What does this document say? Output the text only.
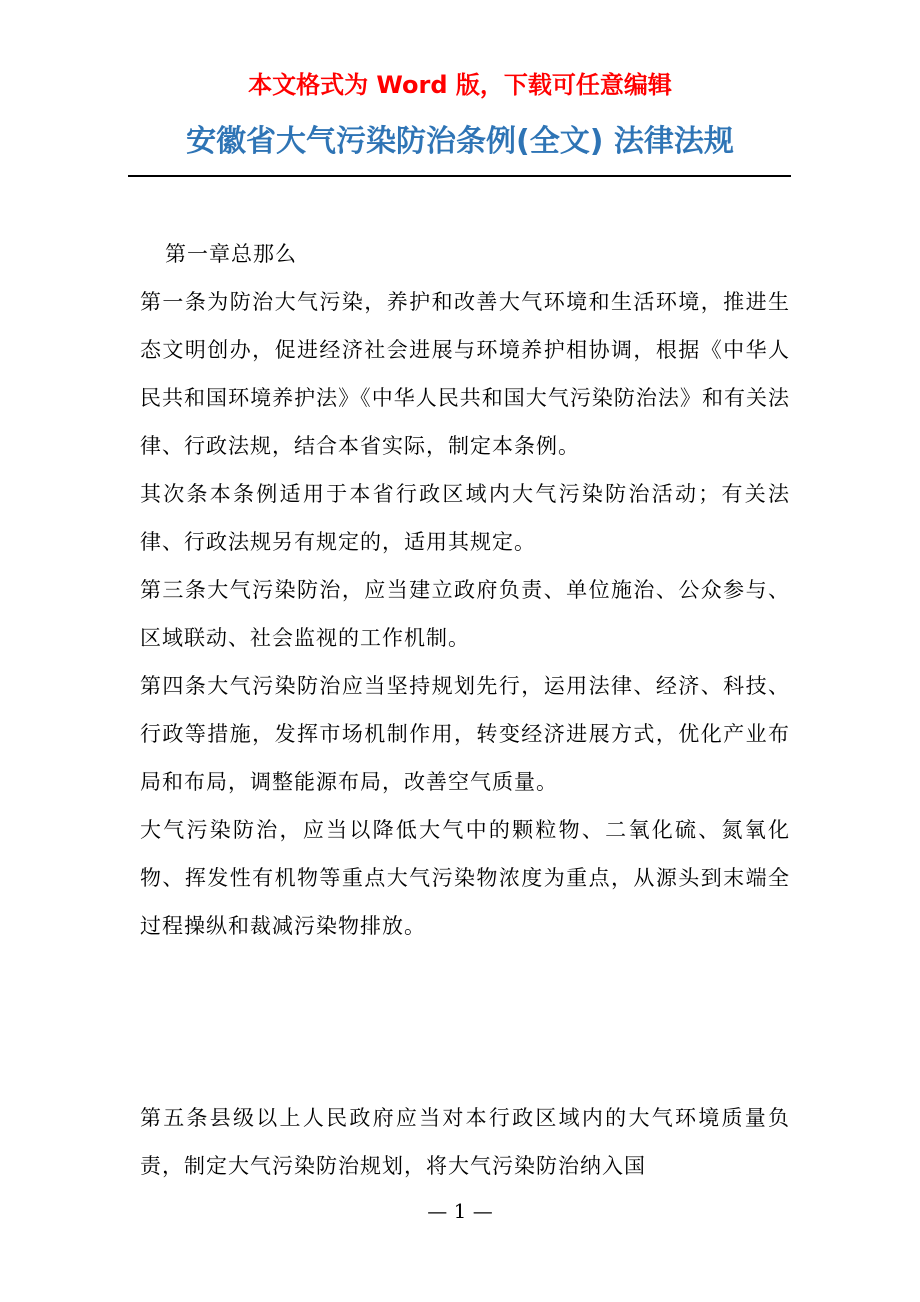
本文格式为 Word 版，下载可任意编辑
安徽省大气污染防治条例(全文) 法律法规
第一章总那么

第一条为防治大气污染，养护和改善大气环境和生活环境，推进生态文明创办，促进经济社会进展与环境养护相协调，根据《中华人民共和国环境养护法》《中华人民共和国大气污染防治法》和有关法律、行政法规，结合本省实际，制定本条例。

其次条本条例适用于本省行政区域内大气污染防治活动；有关法律、行政法规另有规定的，适用其规定。

第三条大气污染防治，应当建立政府负责、单位施治、公众参与、区域联动、社会监视的工作机制。

第四条大气污染防治应当坚持规划先行，运用法律、经济、科技、行政等措施，发挥市场机制作用，转变经济进展方式，优化产业布局和布局，调整能源布局，改善空气质量。

大气污染防治，应当以降低大气中的颗粒物、二氧化硫、氮氧化物、挥发性有机物等重点大气污染物浓度为重点，从源头到末端全过程操纵和裁减污染物排放。

第五条县级以上人民政府应当对本行政区域内的大气环境质量负责，制定大气污染防治规划，将大气污染防治纳入国

— 1 —
